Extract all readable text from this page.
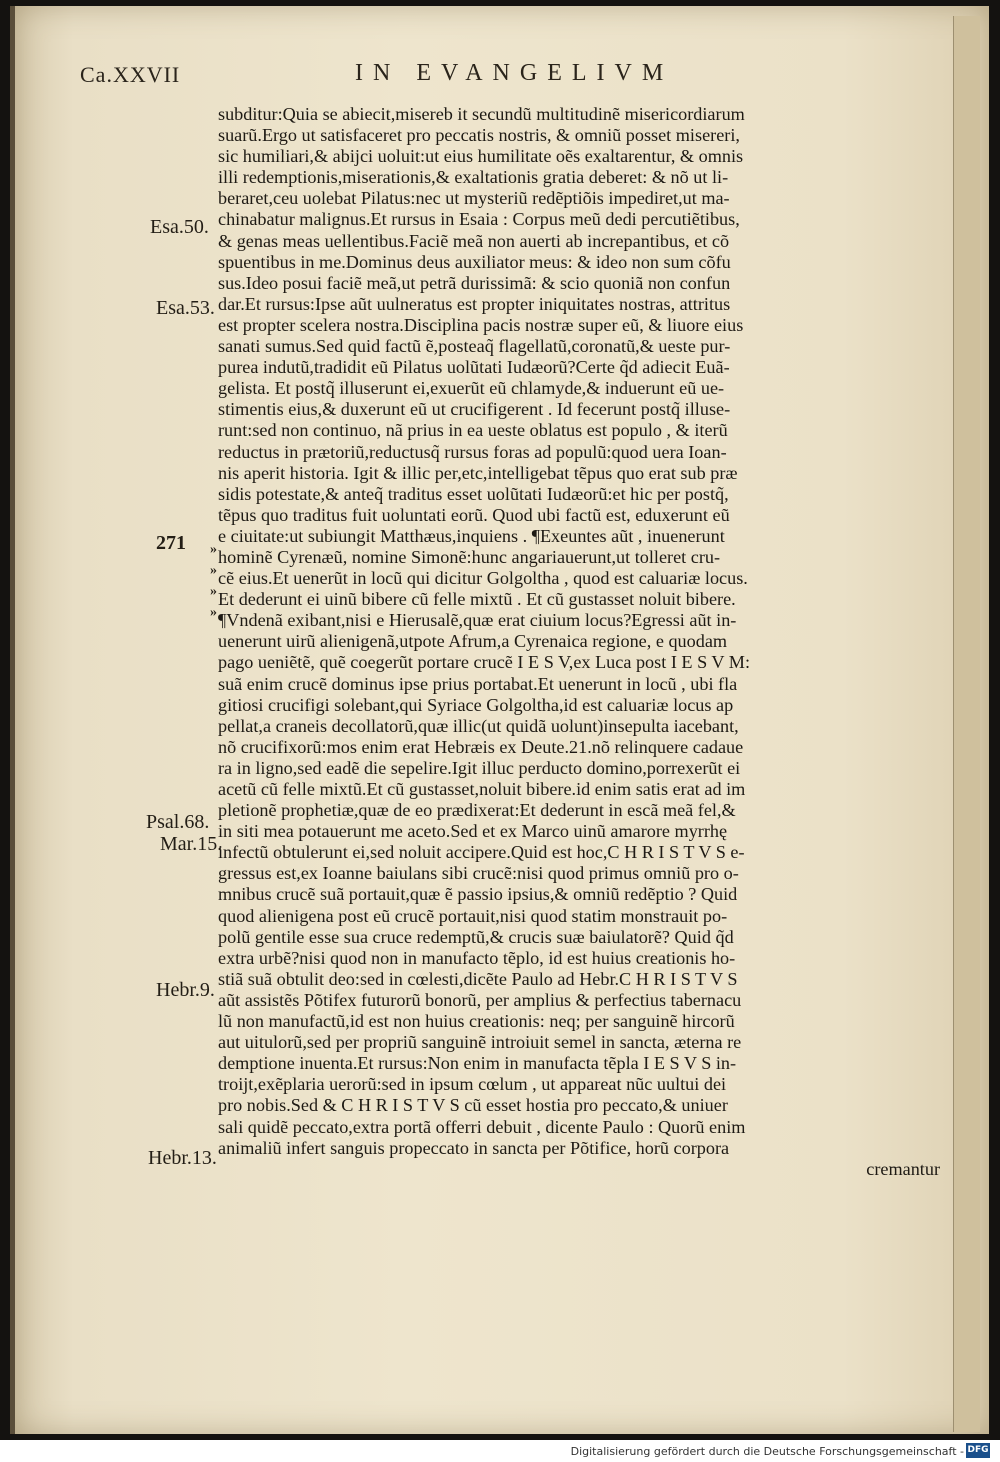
Ca.XXVII	IN EVANGELIVM
subditur:Quia se abiecit,misereb it secundũ multitudinẽ misericordiarum
suarũ.Ergo ut satisfaceret pro peccatis nostris, & omniũ posset misereri,
sic humiliari,& abijci uoluit:ut eius humilitate oẽs exaltarentur, & omnis
illi redemptionis,miserationis,& exaltationis gratia deberet: & nõ ut li-
beraret,ceu uolebat Pilatus:nec ut mysteriũ redẽptiõis impediret,ut ma-
chinabatur malignus.Et rursus in Esaia : Corpus meũ dedi percutiẽtibus,
& genas meas uellentibus.Faciẽ meã non auerti ab increpantibus, et cõ
spuentibus in me.Dominus deus auxiliator meus: & ideo non sum cõfu
sus.Ideo posui faciẽ meã,ut petrã durissimã: & scio quoniã non confun
dar.Et rursus:Ipse aũt uulneratus est propter iniquitates nostras, attritus
est propter scelera nostra.Disciplina pacis nostræ super eũ, & liuore eius
sanati sumus.Sed quid factũ ẽ,posteaq̃ flagellatũ,coronatũ,& ueste pur-
purea indutũ,tradidit eũ Pilatus uolũtati Iudæorũ?Certe q̃d adiecit Euã-
gelista. Et postq̃ illuserunt ei,exuerũt eũ chlamyde,& induerunt eũ ue-
stimentis eius,& duxerunt eũ ut crucifigerent . Id fecerunt postq̃ illuse-
runt:sed non continuo, nã prius in ea ueste oblatus est populo , & iterũ
reductus in prætoriũ,reductusq̃ rursus foras ad populũ:quod uera Ioan-
nis aperit historia. Igit & illic per,etc,intelligebat tẽpus quo erat sub præ
sidis potestate,& anteq̃ traditus esset uolũtati Iudæorũ:et hic per postq̃,
tẽpus quo traditus fuit uoluntati eorũ. Quod ubi factũ est, eduxerunt eũ
e ciuitate:ut subiungit Matthæus,inquiens . ¶Exeuntes aũt , inuenerunt
hominẽ Cyrenæũ, nomine Simonẽ:hunc angariauerunt,ut tolleret cru-
cẽ eius.Et uenerũt in locũ qui dicitur Golgoltha , quod est caluariæ locus.
Et dederunt ei uinũ bibere cũ felle mixtũ . Et cũ gustasset noluit bibere.
¶Vndenã exibant,nisi e Hierusalẽ,quæ erat ciuium locus?Egressi aũt in-
uenerunt uirũ alienigenã,utpote Afrum,a Cyrenaica regione, e quodam
pago ueniẽtẽ, quẽ coegerũt portare crucẽ I E S V,ex Luca post I E S V M:
suã enim crucẽ dominus ipse prius portabat.Et uenerunt in locũ , ubi fla
gitiosi crucifigi solebant,qui Syriace Golgoltha,id est caluariæ locus ap
pellat,a craneis decollatorũ,quæ illic(ut quidã uolunt)insepulta iacebant,
nõ crucifixorũ:mos enim erat Hebræis ex Deute.21.nõ relinquere cadaue
ra in ligno,sed eadẽ die sepelire.Igit illuc perducto domino,porrexerũt ei
acetũ cũ felle mixtũ.Et cũ gustasset,noluit bibere.id enim satis erat ad im
pletionẽ prophetiæ,quæ de eo prædixerat:Et dederunt in escã meã fel,&
in siti mea potauerunt me aceto.Sed et ex Marco uinũ amarore myrrhę
infectũ obtulerunt ei,sed noluit accipere.Quid est hoc,C H R I S T V S e-
gressus est,ex Ioanne baiulans sibi crucẽ:nisi quod primus omniũ pro o-
mnibus crucẽ suã portauit,quæ ẽ passio ipsius,& omniũ redẽptio ? Quid
quod alienigena post eũ crucẽ portauit,nisi quod statim monstrauit po-
polũ gentile esse sua cruce redemptũ,& crucis suæ baiulatorẽ? Quid q̃d
extra urbẽ?nisi quod non in manufacto tẽplo, id est huius creationis ho-
stiã suã obtulit deo:sed in cœlesti,dicẽte Paulo ad Hebr.C H R I S T V S
aũt assistẽs Põtifex futurorũ bonorũ, per amplius & perfectius tabernacu
lũ non manufactũ,id est non huius creationis: neq; per sanguinẽ hircorũ
aut uitulorũ,sed per propriũ sanguinẽ introiuit semel in sancta, æterna re
demptione inuenta.Et rursus:Non enim in manufacta tẽpla I E S V S in-
troijt,exẽplaria uerorũ:sed in ipsum cœlum , ut appareat nũc uultui dei
pro nobis.Sed & C H R I S T V S cũ esset hostia pro peccato,& uniuer
sali quidẽ peccato,extra portã offerri debuit , dicente Paulo : Quorũ enim
animaliũ infert sanguis propeccato in sancta per Põtifice, horũ corpora
cremantur
Esa.50.
Esa.53.
271
Psal.68.
Mar.15.
Hebr.9.
Hebr.13.
»
»
»
»
Digitalisierung gefördert durch die Deutsche Forschungsgemeinschaft - DFG
